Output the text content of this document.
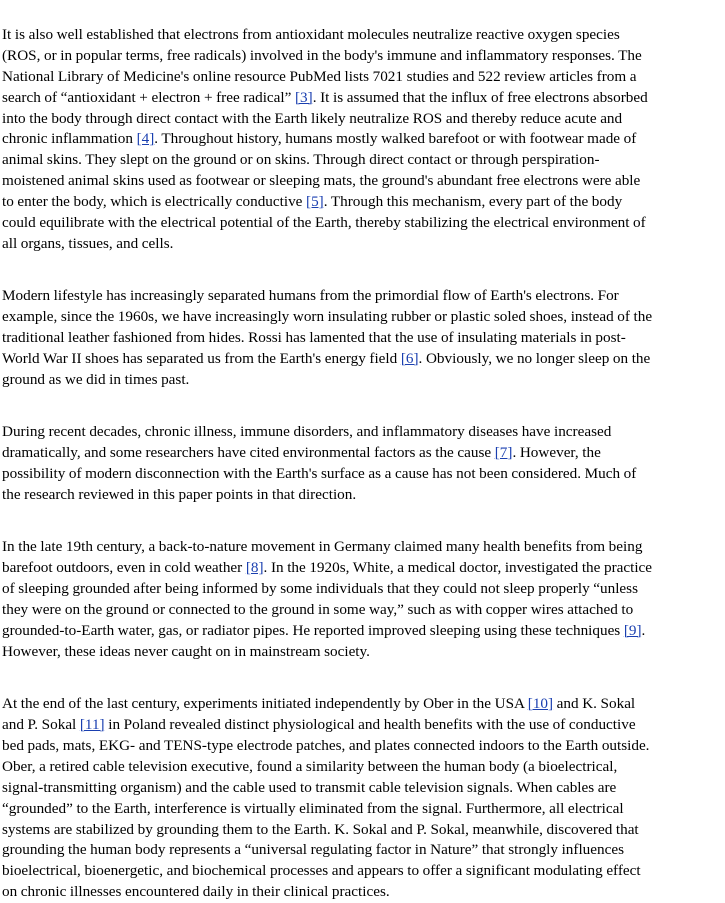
It is also well established that electrons from antioxidant molecules neutralize reactive oxygen species
(ROS, or in popular terms, free radicals) involved in the body's immune and inflammatory responses. The
National Library of Medicine's online resource PubMed lists 7021 studies and 522 review articles from a
search of “antioxidant + electron + free radical” [3]. It is assumed that the influx of free electrons absorbed
into the body through direct contact with the Earth likely neutralize ROS and thereby reduce acute and
chronic inflammation [4]. Throughout history, humans mostly walked barefoot or with footwear made of
animal skins. They slept on the ground or on skins. Through direct contact or through perspiration-
moistened animal skins used as footwear or sleeping mats, the ground's abundant free electrons were able
to enter the body, which is electrically conductive [5]. Through this mechanism, every part of the body
could equilibrate with the electrical potential of the Earth, thereby stabilizing the electrical environment of
all organs, tissues, and cells.

Modern lifestyle has increasingly separated humans from the primordial flow of Earth's electrons. For
example, since the 1960s, we have increasingly worn insulating rubber or plastic soled shoes, instead of the
traditional leather fashioned from hides. Rossi has lamented that the use of insulating materials in post-
World War II shoes has separated us from the Earth's energy field [6]. Obviously, we no longer sleep on the
ground as we did in times past.

During recent decades, chronic illness, immune disorders, and inflammatory diseases have increased
dramatically, and some researchers have cited environmental factors as the cause [7]. However, the
possibility of modern disconnection with the Earth's surface as a cause has not been considered. Much of
the research reviewed in this paper points in that direction.

In the late 19th century, a back-to-nature movement in Germany claimed many health benefits from being
barefoot outdoors, even in cold weather [8]. In the 1920s, White, a medical doctor, investigated the practice
of sleeping grounded after being informed by some individuals that they could not sleep properly “unless
they were on the ground or connected to the ground in some way,” such as with copper wires attached to
grounded-to-Earth water, gas, or radiator pipes. He reported improved sleeping using these techniques [9].
However, these ideas never caught on in mainstream society.

At the end of the last century, experiments initiated independently by Ober in the USA [10] and K. Sokal
and P. Sokal [11] in Poland revealed distinct physiological and health benefits with the use of conductive
bed pads, mats, EKG- and TENS-type electrode patches, and plates connected indoors to the Earth outside.
Ober, a retired cable television executive, found a similarity between the human body (a bioelectrical,
signal-transmitting organism) and the cable used to transmit cable television signals. When cables are
“grounded” to the Earth, interference is virtually eliminated from the signal. Furthermore, all electrical
systems are stabilized by grounding them to the Earth. K. Sokal and P. Sokal, meanwhile, discovered that
grounding the human body represents a “universal regulating factor in Nature” that strongly influences
bioelectrical, bioenergetic, and biochemical processes and appears to offer a significant modulating effect
on chronic illnesses encountered daily in their clinical practices.
